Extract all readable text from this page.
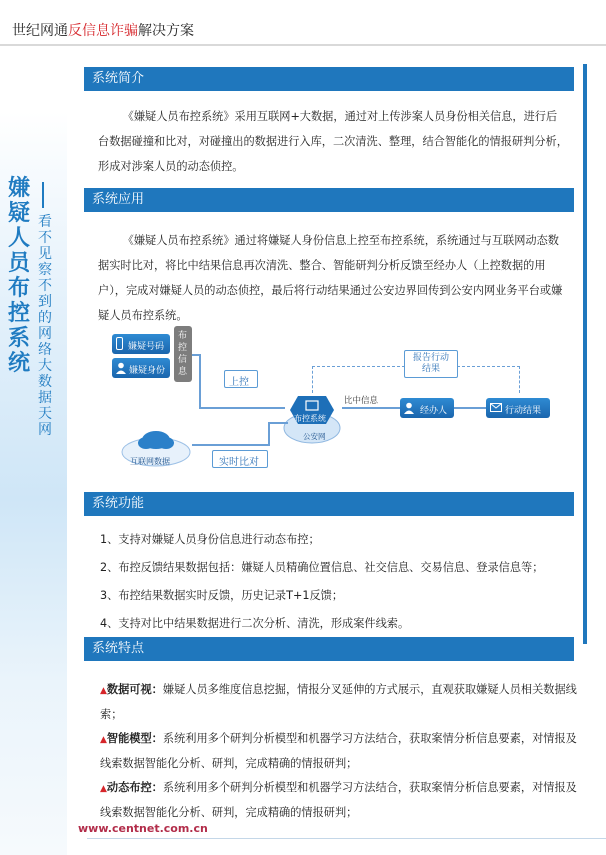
世纪网通反信息诈骗解决方案
嫌疑人员布控系统
看不见察不到的网络大数据天网
系统简介
《嫌疑人员布控系统》采用互联网+大数据，通过对上传涉案人员身份相关信息，进行后台数据碰撞和比对，对碰撞出的数据进行入库，二次清洗、整理，结合智能化的情报研判分析，形成对涉案人员的动态侦控。
系统应用
《嫌疑人员布控系统》通过将嫌疑人身份信息上控至布控系统，系统通过与互联网动态数据实时比对，将比中结果信息再次清洗、整合、智能研判分析反馈至经办人（上控数据的用户），完成对嫌疑人员的动态侦控，最后将行动结果通过公安边界回传到公安内网业务平台或嫌疑人员布控系统。
嫌疑号码
嫌疑身份
布控信息
上控
布控系统
公安网
比中信息
经办人	行动结果
报告行动结果
互联网数据	实时比对
系统功能
1、支持对嫌疑人员身份信息进行动态布控；
2、布控反馈结果数据包括：嫌疑人员精确位置信息、社交信息、交易信息、登录信息等；
3、布控结果数据实时反馈，历史记录T+1反馈；
4、支持对比中结果数据进行二次分析、清洗，形成案件线索。
系统特点

▲数据可视：嫌疑人员多维度信息挖掘，情报分叉延伸的方式展示，直观获取嫌疑人员相关数据线索；

▲智能模型：系统利用多个研判分析模型和机器学习方法结合，获取案情分析信息要素，对情报及线索数据智能化分析、研判，完成精确的情报研判；

▲动态布控：系统利用多个研判分析模型和机器学习方法结合，获取案情分析信息要素，对情报及线索数据智能化分析、研判，完成精确的情报研判；

www.centnet.com.cn
